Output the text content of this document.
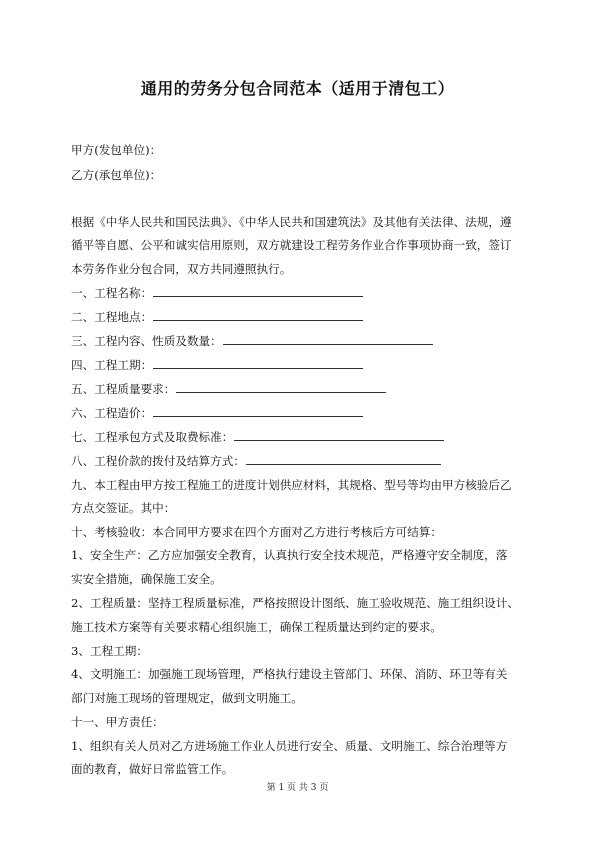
通用的劳务分包合同范本（适用于清包工）
甲方(发包单位)：
乙方(承包单位)：
根据《中华人民共和国民法典》、《中华人民共和国建筑法》及其他有关法律、法规，遵
循平等自愿、公平和诚实信用原则，双方就建设工程劳务作业合作事项协商一致，签订
本劳务作业分包合同，双方共同遵照执行。
一、工程名称：
二、工程地点：
三、工程内容、性质及数量：
四、工程工期：
五、工程质量要求：
六、工程造价：
七、工程承包方式及取费标准：
八、工程价款的拨付及结算方式：
九、本工程由甲方按工程施工的进度计划供应材料，其规格、型号等均由甲方核验后乙
方点交签证。其中：
十、考核验收：本合同甲方要求在四个方面对乙方进行考核后方可结算：
1、安全生产：乙方应加强安全教育，认真执行安全技术规范，严格遵守安全制度，落
实安全措施，确保施工安全。
2、工程质量：坚持工程质量标准，严格按照设计图纸、施工验收规范、施工组织设计、
施工技术方案等有关要求精心组织施工，确保工程质量达到约定的要求。
3、工程工期：
4、文明施工：加强施工现场管理，严格执行建设主管部门、环保、消防、环卫等有关
部门对施工现场的管理规定，做到文明施工。
十一、甲方责任：
1、组织有关人员对乙方进场施工作业人员进行安全、质量、文明施工、综合治理等方
面的教育，做好日常监管工作。
第 1 页 共 3 页
